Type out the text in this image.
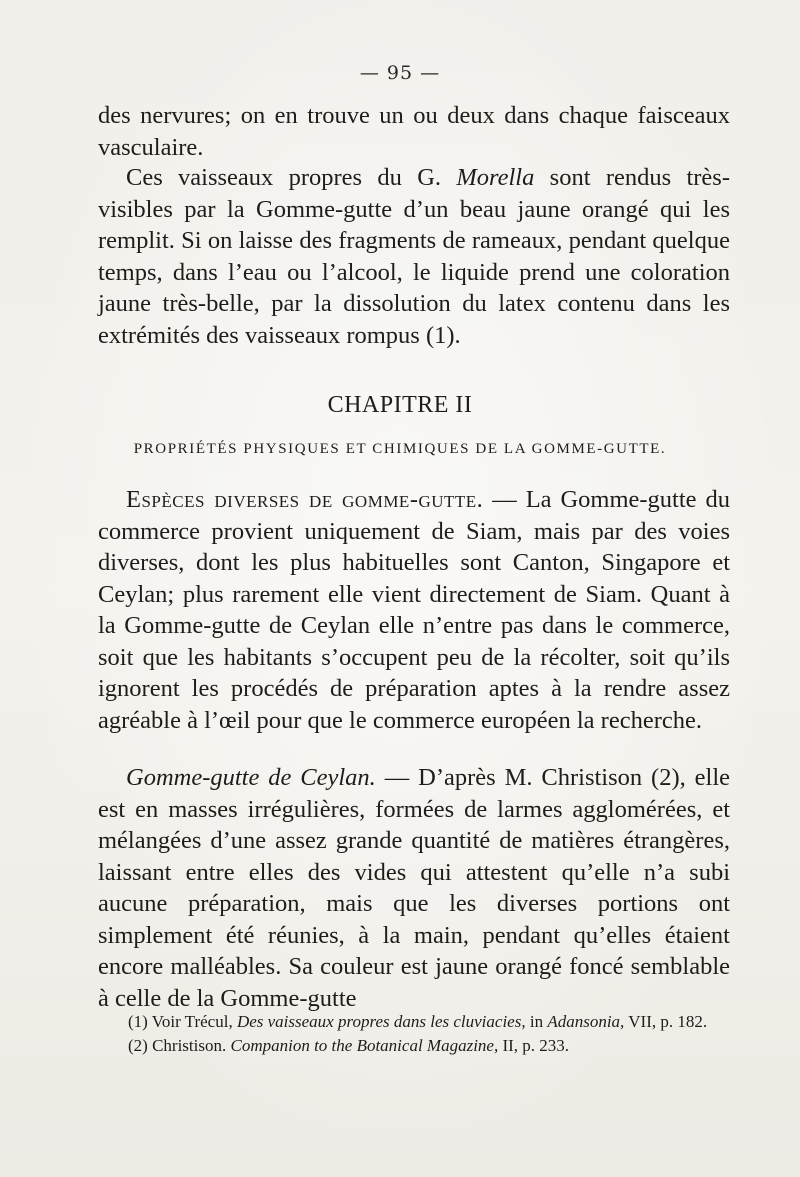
— 95 —

des nervures; on en trouve un ou deux dans chaque faisceaux vasculaire.

Ces vaisseaux propres du G. Morella sont rendus très-visibles par la Gomme-gutte d’un beau jaune orangé qui les remplit. Si on laisse des fragments de rameaux, pendant quelque temps, dans l’eau ou l’alcool, le liquide prend une coloration jaune très-belle, par la dissolution du latex contenu dans les extrémités des vaisseaux rompus (1).

CHAPITRE II
PROPRIÉTÉS PHYSIQUES ET CHIMIQUES DE LA GOMME-GUTTE.

Espèces diverses de gomme-gutte. — La Gomme-gutte du commerce provient uniquement de Siam, mais par des voies diverses, dont les plus habituelles sont Canton, Singapore et Ceylan; plus rarement elle vient directement de Siam. Quant à la Gomme-gutte de Ceylan elle n’entre pas dans le commerce, soit que les habitants s’occupent peu de la récolter, soit qu’ils ignorent les procédés de préparation aptes à la rendre assez agréable à l’œil pour que le commerce européen la recherche.

Gomme-gutte de Ceylan. — D’après M. Christison (2), elle est en masses irrégulières, formées de larmes agglomérées, et mélangées d’une assez grande quantité de matières étrangères, laissant entre elles des vides qui attestent qu’elle n’a subi aucune préparation, mais que les diverses portions ont simplement été réunies, à la main, pendant qu’elles étaient encore malléables. Sa couleur est jaune orangé foncé semblable à celle de la Gomme-gutte

(1) Voir Trécul, Des vaisseaux propres dans les cluviacies, in Adansonia, VII, p. 182.

(2) Christison. Companion to the Botanical Magazine, II, p. 233.
